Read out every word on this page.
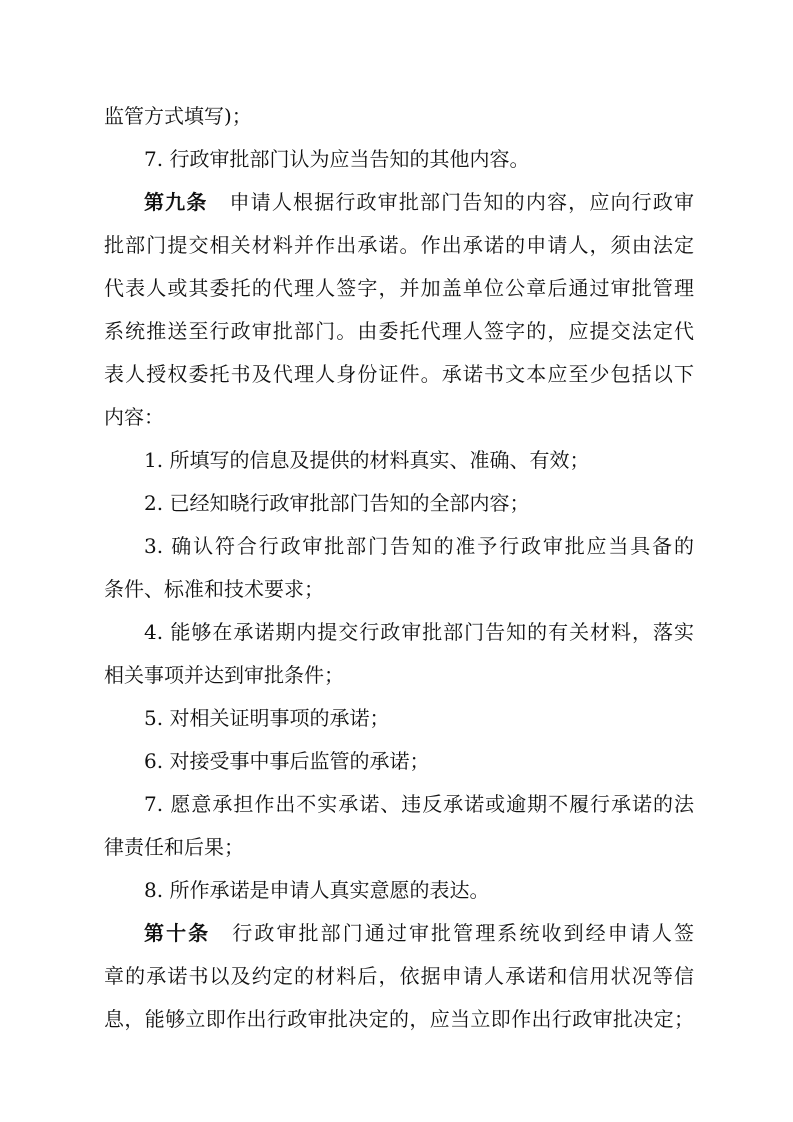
监管方式填写)；
7. 行政审批部门认为应当告知的其他内容。
第九条 申请人根据行政审批部门告知的内容，应向行政审
批部门提交相关材料并作出承诺。作出承诺的申请人，须由法定
代表人或其委托的代理人签字，并加盖单位公章后通过审批管理
系统推送至行政审批部门。由委托代理人签字的，应提交法定代
表人授权委托书及代理人身份证件。承诺书文本应至少包括以下
内容：
1. 所填写的信息及提供的材料真实、准确、有效；
2. 已经知晓行政审批部门告知的全部内容；
3. 确认符合行政审批部门告知的准予行政审批应当具备的
条件、标准和技术要求；
4. 能够在承诺期内提交行政审批部门告知的有关材料，落实
相关事项并达到审批条件；
5. 对相关证明事项的承诺；
6. 对接受事中事后监管的承诺；
7. 愿意承担作出不实承诺、违反承诺或逾期不履行承诺的法
律责任和后果；
8. 所作承诺是申请人真实意愿的表达。
第十条 行政审批部门通过审批管理系统收到经申请人签
章的承诺书以及约定的材料后，依据申请人承诺和信用状况等信
息，能够立即作出行政审批决定的，应当立即作出行政审批决定；
